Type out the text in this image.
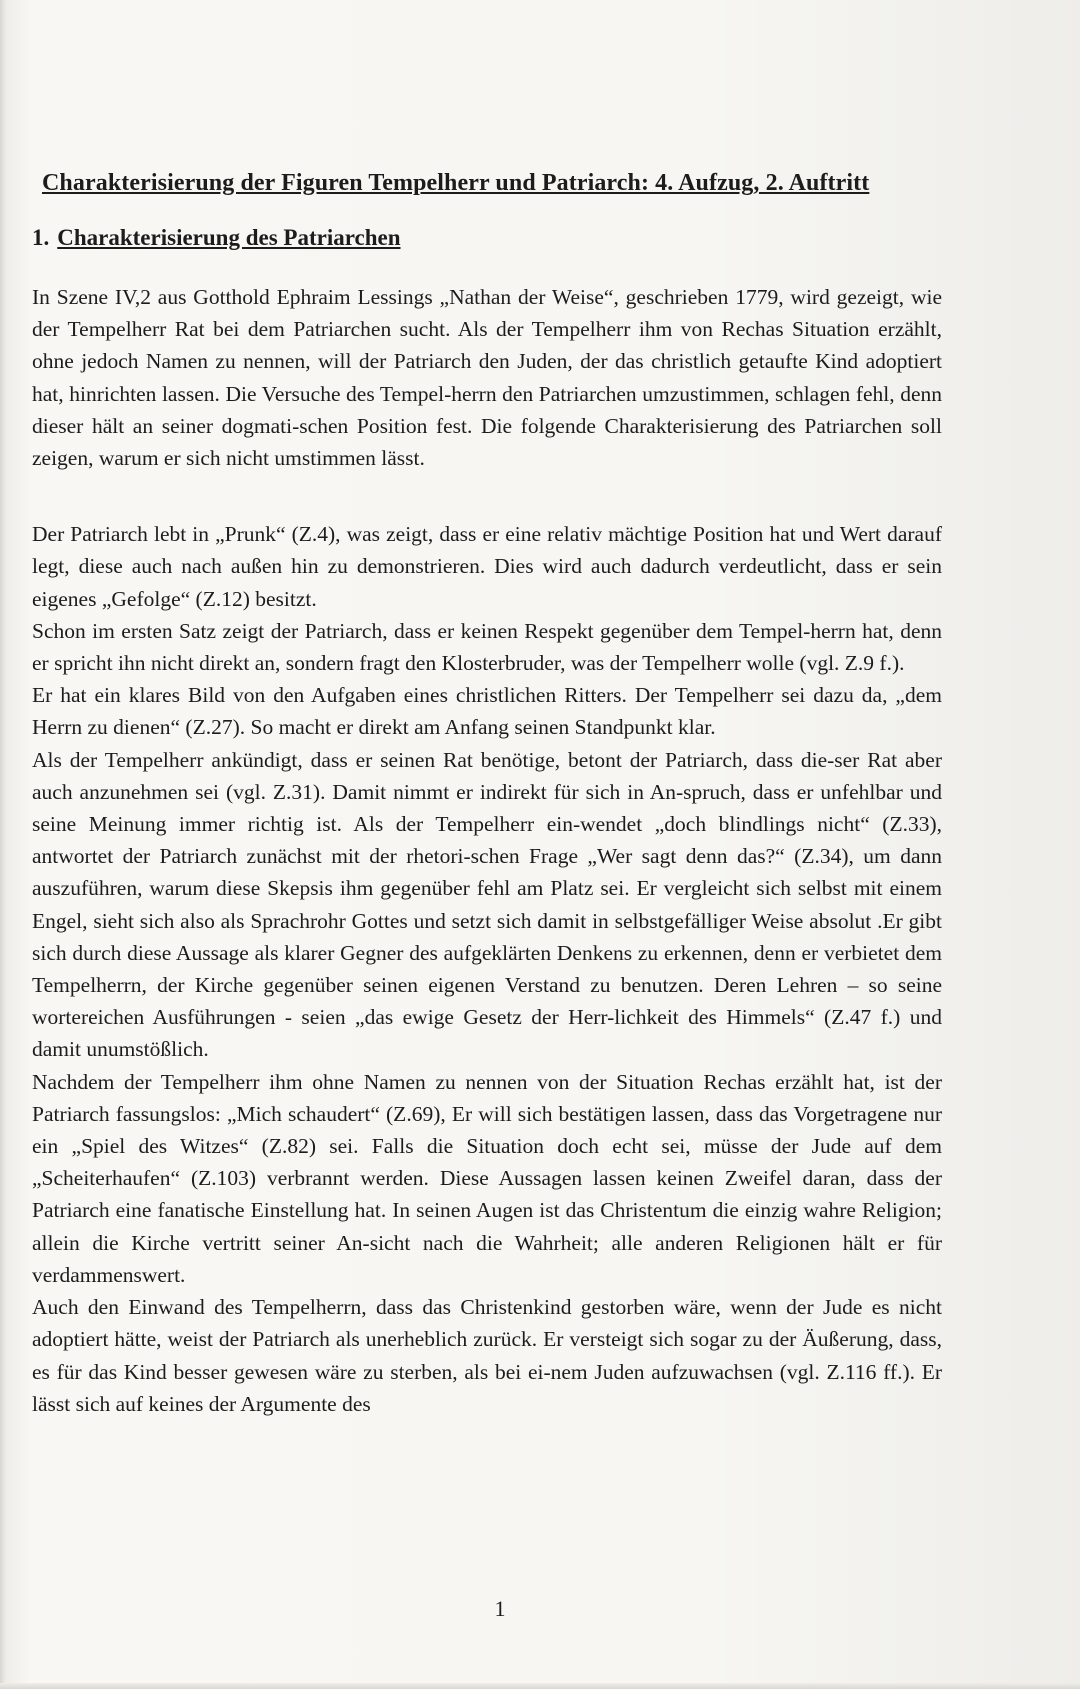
Charakterisierung der Figuren Tempelherr und Patriarch: 4. Aufzug, 2. Auftritt
1. Charakterisierung des Patriarchen

In Szene IV,2 aus Gotthold Ephraim Lessings „Nathan der Weise“, geschrieben 1779, wird gezeigt, wie der Tempelherr Rat bei dem Patriarchen sucht. Als der Tempelherr ihm von Rechas Situation erzählt, ohne jedoch Namen zu nennen, will der Patriarch den Juden, der das christlich getaufte Kind adoptiert hat, hinrichten lassen. Die Versuche des Tempel-herrn den Patriarchen umzustimmen, schlagen fehl, denn dieser hält an seiner dogmati-schen Position fest. Die folgende Charakterisierung des Patriarchen soll zeigen, warum er sich nicht umstimmen lässt.

Der Patriarch lebt in „Prunk“ (Z.4), was zeigt, dass er eine relativ mächtige Position hat und Wert darauf legt, diese auch nach außen hin zu demonstrieren. Dies wird auch dadurch verdeutlicht, dass er sein eigenes „Gefolge“ (Z.12) besitzt.

Schon im ersten Satz zeigt der Patriarch, dass er keinen Respekt gegenüber dem Tempel-herrn hat, denn er spricht ihn nicht direkt an, sondern fragt den Klosterbruder, was der Tempelherr wolle (vgl. Z.9 f.).

Er hat ein klares Bild von den Aufgaben eines christlichen Ritters. Der Tempelherr sei dazu da, „dem Herrn zu dienen“ (Z.27). So macht er direkt am Anfang seinen Standpunkt klar.

Als der Tempelherr ankündigt, dass er seinen Rat benötige, betont der Patriarch, dass die-ser Rat aber auch anzunehmen sei (vgl. Z.31). Damit nimmt er indirekt für sich in An-spruch, dass er unfehlbar und seine Meinung immer richtig ist. Als der Tempelherr ein-wendet „doch blindlings nicht“ (Z.33), antwortet der Patriarch zunächst mit der rhetori-schen Frage „Wer sagt denn das?“ (Z.34), um dann auszuführen, warum diese Skepsis ihm gegenüber fehl am Platz sei. Er vergleicht sich selbst mit einem Engel, sieht sich also als Sprachrohr Gottes und setzt sich damit in selbstgefälliger Weise absolut .Er gibt sich durch diese Aussage als klarer Gegner des aufgeklärten Denkens zu erkennen, denn er verbietet dem Tempelherrn, der Kirche gegenüber seinen eigenen Verstand zu benutzen. Deren Lehren – so seine wortereichen Ausführungen - seien „das ewige Gesetz der Herr-lichkeit des Himmels“ (Z.47 f.) und damit unumstößlich.

Nachdem der Tempelherr ihm ohne Namen zu nennen von der Situation Rechas erzählt hat, ist der Patriarch fassungslos: „Mich schaudert“ (Z.69), Er will sich bestätigen lassen, dass das Vorgetragene nur ein „Spiel des Witzes“ (Z.82) sei. Falls die Situation doch echt sei, müsse der Jude auf dem „Scheiterhaufen“ (Z.103) verbrannt werden. Diese Aussagen lassen keinen Zweifel daran, dass der Patriarch eine fanatische Einstellung hat. In seinen Augen ist das Christentum die einzig wahre Religion; allein die Kirche vertritt seiner An-sicht nach die Wahrheit; alle anderen Religionen hält er für verdammenswert.

Auch den Einwand des Tempelherrn, dass das Christenkind gestorben wäre, wenn der Jude es nicht adoptiert hätte, weist der Patriarch als unerheblich zurück. Er versteigt sich sogar zu der Äußerung, dass, es für das Kind besser gewesen wäre zu sterben, als bei ei-nem Juden aufzuwachsen (vgl. Z.116 ff.). Er lässt sich auf keines der Argumente des

1
